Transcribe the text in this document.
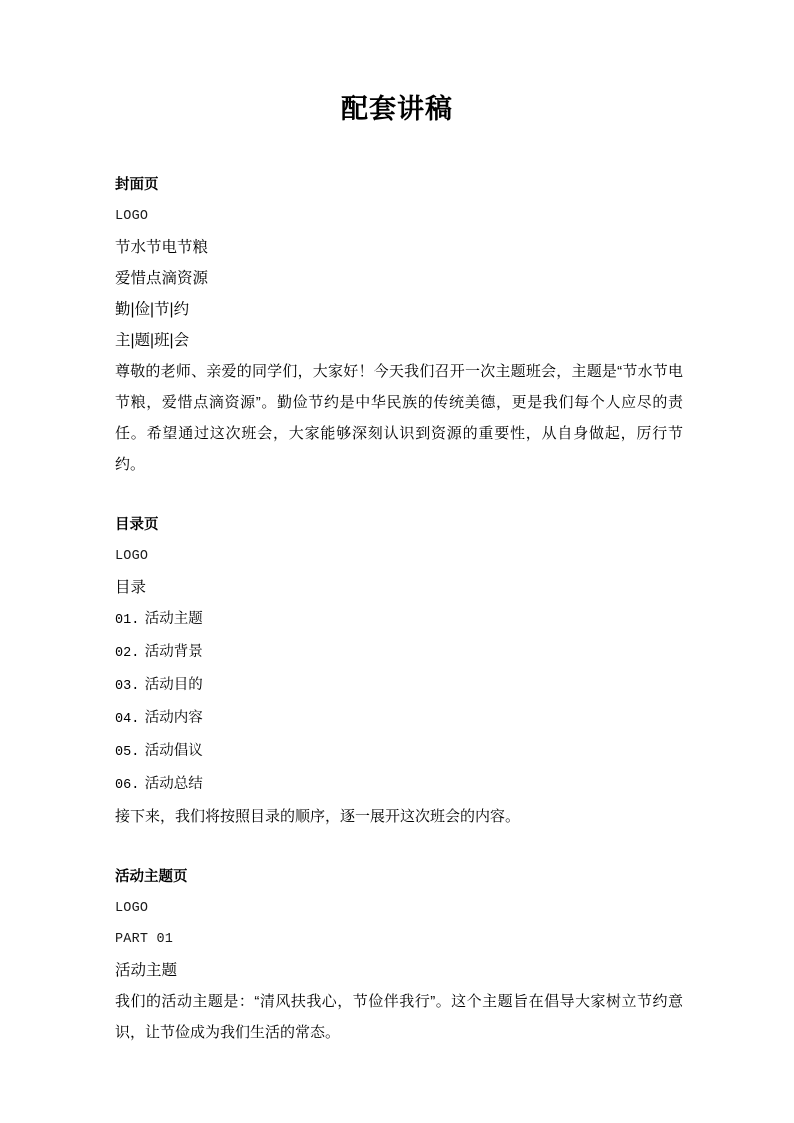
配套讲稿
封面页
LOGO
节水节电节粮
爱惜点滴资源
勤|俭|节|约
主|题|班|会

尊敬的老师、亲爱的同学们，大家好！今天我们召开一次主题班会，主题是“节水节电节粮，爱惜点滴资源”。勤俭节约是中华民族的传统美德，更是我们每个人应尽的责任。希望通过这次班会，大家能够深刻认识到资源的重要性，从自身做起，厉行节约。

目录页
LOGO
目录
01. 活动主题
02. 活动背景
03. 活动目的
04. 活动内容
05. 活动倡议
06. 活动总结

接下来，我们将按照目录的顺序，逐一展开这次班会的内容。

活动主题页
LOGO
PART 01
活动主题

我们的活动主题是：“清风扶我心，节俭伴我行”。这个主题旨在倡导大家树立节约意识，让节俭成为我们生活的常态。
